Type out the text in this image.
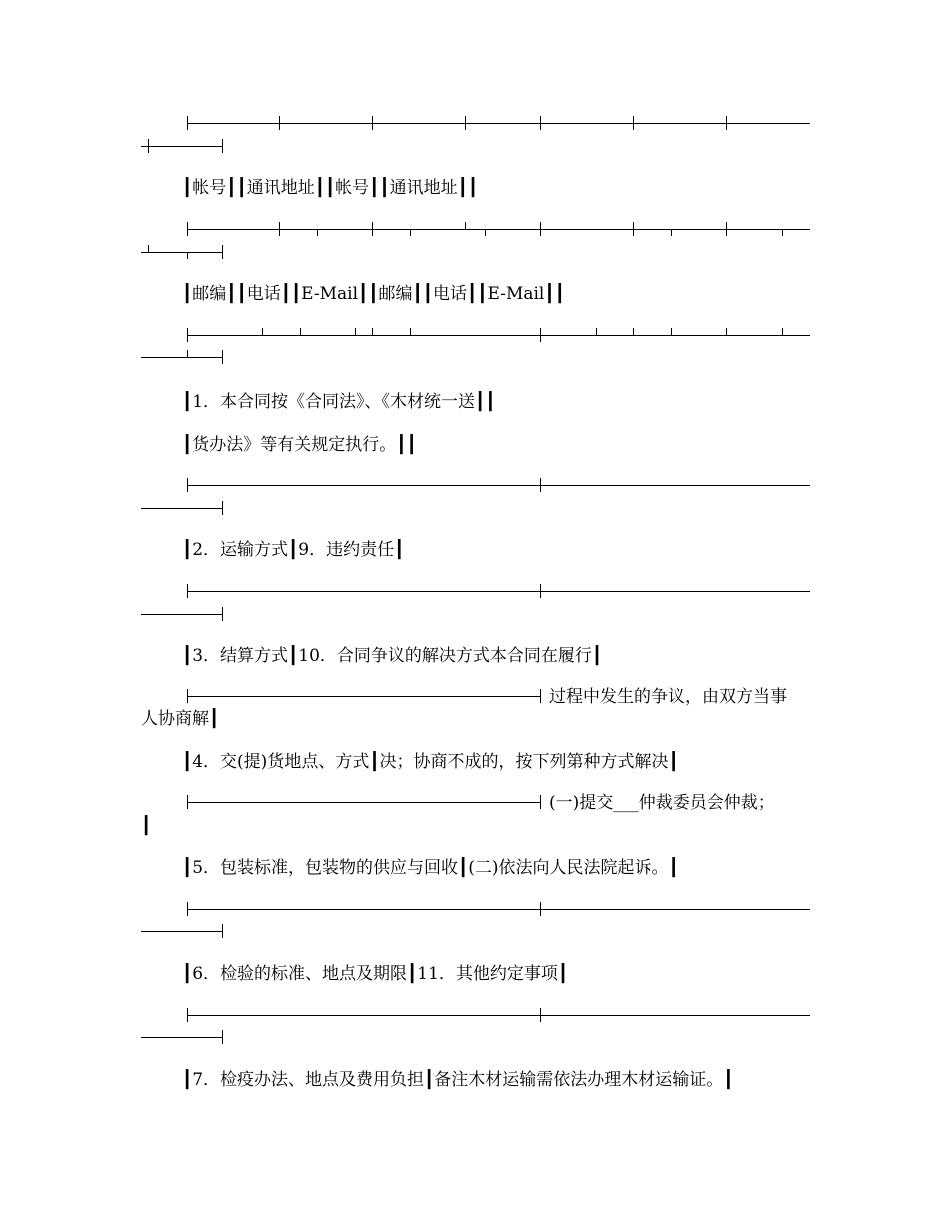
┃帐号┃┃通讯地址┃┃帐号┃┃通讯地址┃┃
┃邮编┃┃电话┃┃E-Mail┃┃邮编┃┃电话┃┃E-Mail┃┃
┃1．本合同按《合同法》、《木材统一送┃┃
┃货办法》等有关规定执行。┃┃
┃2．运输方式┃9．违约责任┃
┃3．结算方式┃10．合同争议的解决方式本合同在履行┃
过程中发生的争议，由双方当事
人协商解┃
┃4．交(提)货地点、方式┃决；协商不成的，按下列第种方式解决┃
(一)提交___仲裁委员会仲裁；
┃
┃5．包装标准，包装物的供应与回收┃(二)依法向人民法院起诉。┃
┃6．检验的标准、地点及期限┃11．其他约定事项┃
┃7．检疫办法、地点及费用负担┃备注木材运输需依法办理木材运输证。┃
